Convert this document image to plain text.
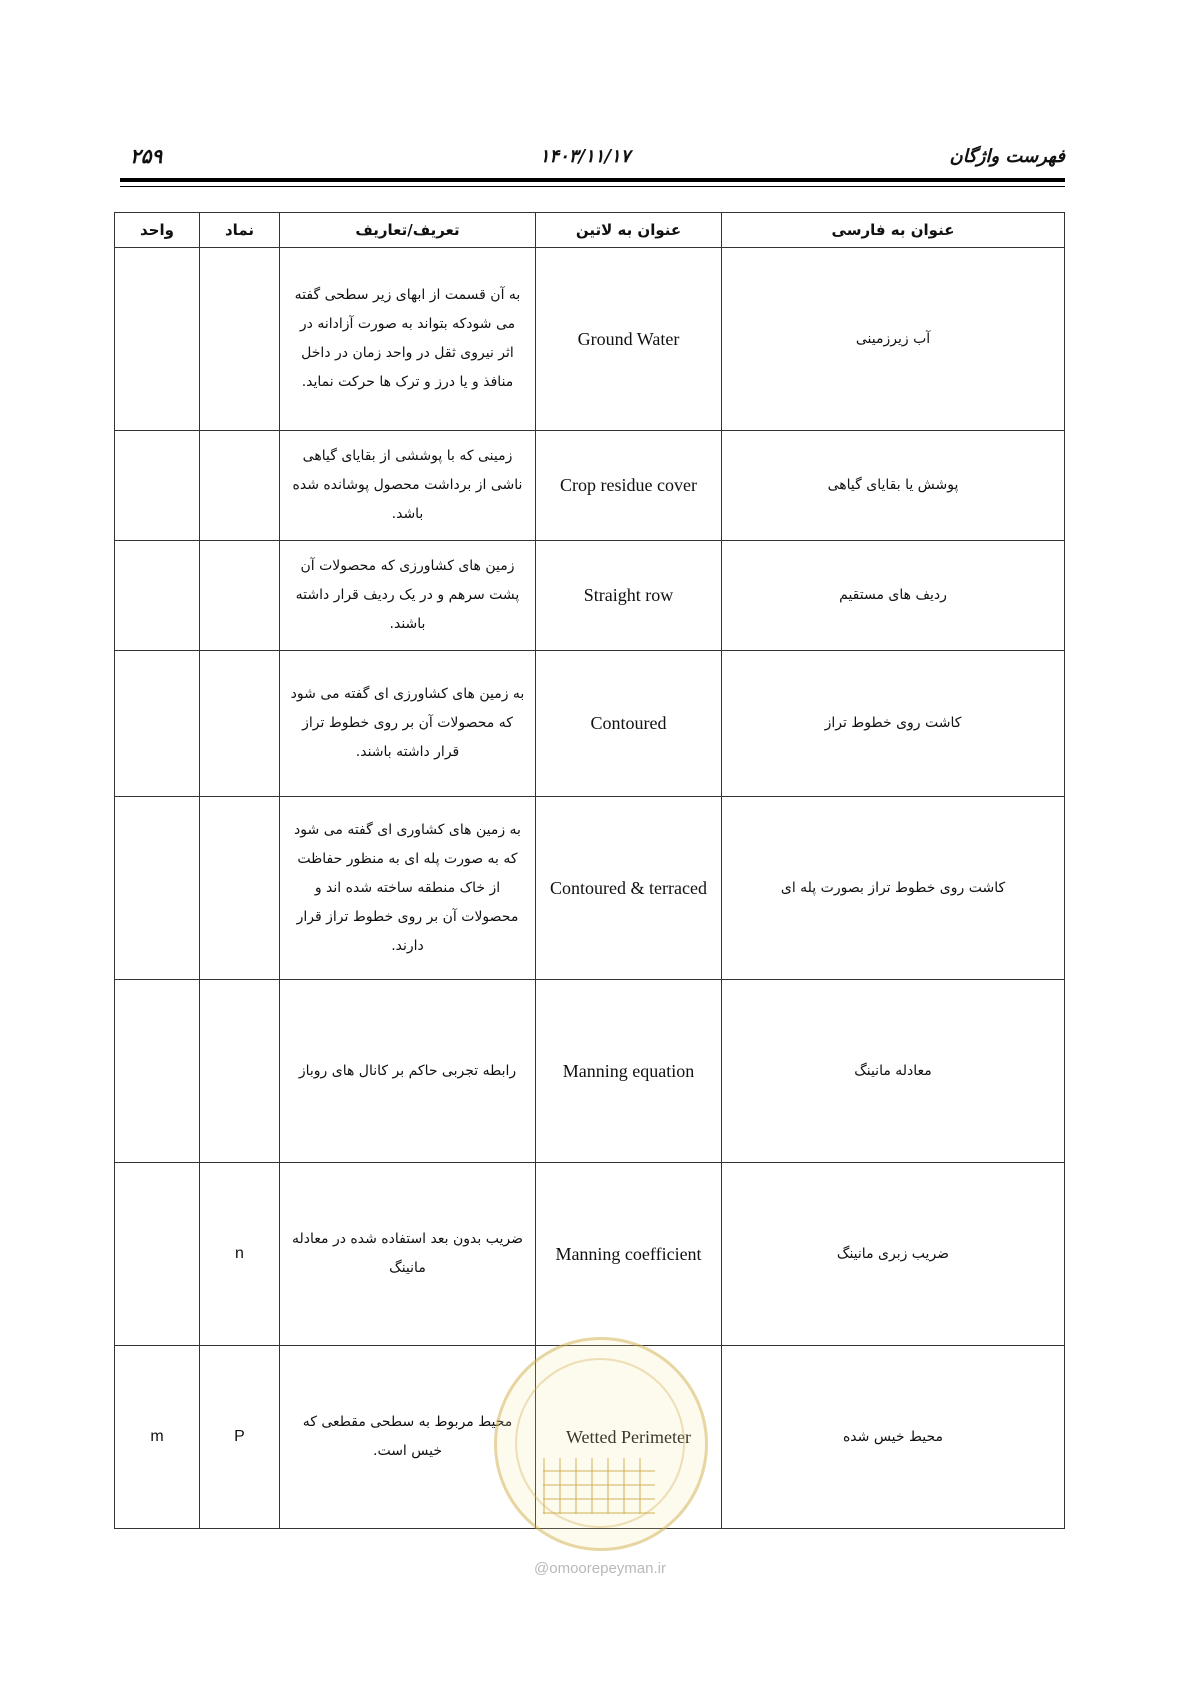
فهرست واژگان
۱۴۰۳/۱۱/۱۷
۲۵۹
عنوان به فارسی	عنوان به لاتین	تعریف/تعاریف	نماد	واحد
آب زیرزمینی	Ground Water	به آن قسمت از ابهای زیر سطحی گفته می شودکه بتواند به صورت آزادانه در اثر نیروی ثقل در واحد زمان در داخل منافذ و یا درز و ترک ها حرکت نماید.		
پوشش یا بقایای گیاهی	Crop residue cover	زمینی که با پوششی از بقایای گیاهی ناشی از برداشت محصول پوشانده شده باشد.		
ردیف های مستقیم	Straight row	زمین های کشاورزی که محصولات آن پشت سرهم و در یک ردیف قرار داشته باشند.		
کاشت روی خطوط تراز	Contoured	به زمین های کشاورزی ای گفته می شود که محصولات آن بر روی خطوط تراز قرار داشته باشند.		
کاشت روی خطوط تراز بصورت پله ای	Contoured & terraced	به زمین های کشاوری ای گفته می شود که به صورت پله ای به منظور حفاظت از خاک منطقه ساخته شده اند و محصولات آن بر روی خطوط تراز قرار دارند.		
معادله مانینگ	Manning equation	رابطه تجربی حاکم بر کانال های روباز		
ضریب زبری مانینگ	Manning coefficient	ضریب بدون بعد استفاده شده در معادله مانینگ	n	
محیط خیس شده	Wetted Perimeter	محیط مربوط به سطحی مقطعی که خیس است.	P	m
@omoorepeyman.ir
